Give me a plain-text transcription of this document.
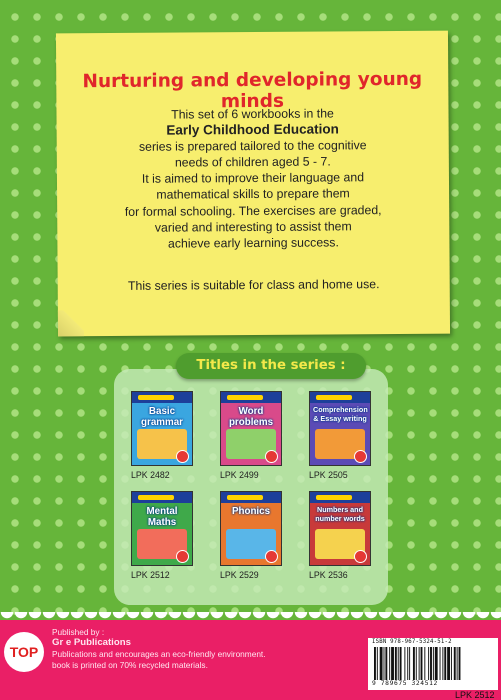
Nurturing and developing young minds
This set of 6 workbooks in the
Early Childhood Education
series is prepared tailored to the cognitive
needs of children aged 5 - 7.
It is aimed to improve their language and
mathematical skills to prepare them
for formal schooling. The exercises are graded,
varied and interesting to assist them
achieve early learning success.
This series is suitable for class and home use.
Titles in the series :
Basic grammar
LPK 2482
Word problems
LPK 2499
Comprehension & Essay writing
LPK 2505
Mental Maths
LPK 2512
Phonics
LPK 2529
Numbers and number words
LPK 2536
TOP
Published by :
Gr e Publications
Publications and encourages an eco-friendly environment.
book is printed on 70% recycled materials.
ISBN 978-967-5324-51-2
9 789675 324512
LPK 2512
